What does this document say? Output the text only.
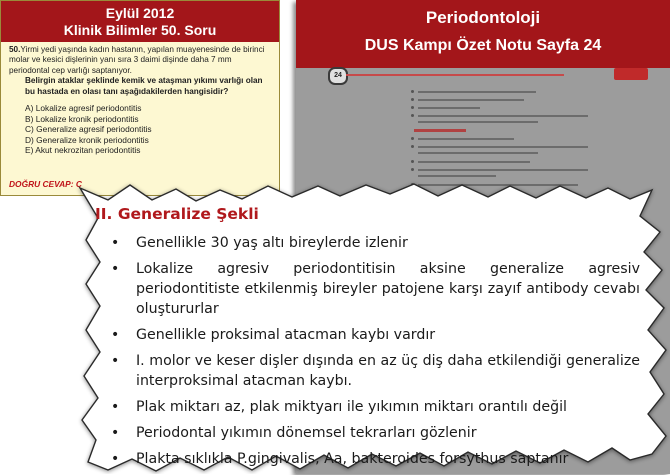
Eylül 2012
Klinik Bilimler 50. Soru
50.Yirmi yedi yaşında kadın hastanın, yapılan muayenesinde de birinci molar ve kesici dişlerinin yanı sıra 3 daimi dişinde daha 7 mm periodontal cep varlığı saptanıyor.
Belirgin ataklar şeklinde kemik ve ataşman yıkımı varlığı olan bu hastada en olası tanı aşağıdakilerden hangisidir?
A) Lokalize agresif periodontitis
B) Lokalize kronik periodontitis
C) Generalize agresif periodontitis
D) Generalize kronik periodontitis
E) Akut nekrozitan periodontitis
DOĞRU CEVAP: C
Periodontoloji
DUS Kampı Özet Notu Sayfa 24
24
II. Generalize Şekli
• Genellikle 30 yaş altı bireylerde izlenir
• Lokalize agresiv periodontitisin aksine generalize agresiv periodontitiste etkilenmiş bireyler patojene karşı zayıf antibody cevabı oluştururlar
• Genellikle proksimal atacman kaybı vardır
• I. molor ve keser dişler dışında en az üç diş daha etkilendiği generalize interproksimal atacman kaybı.
• Plak miktarı az, plak miktyarı ile yıkımın miktarı orantılı değil
• Periodontal yıkımın dönemsel tekrarları gözlenir
• Plakta sıklıkla P.gingivalis, Aa, bakteroides forsythus saptanır
